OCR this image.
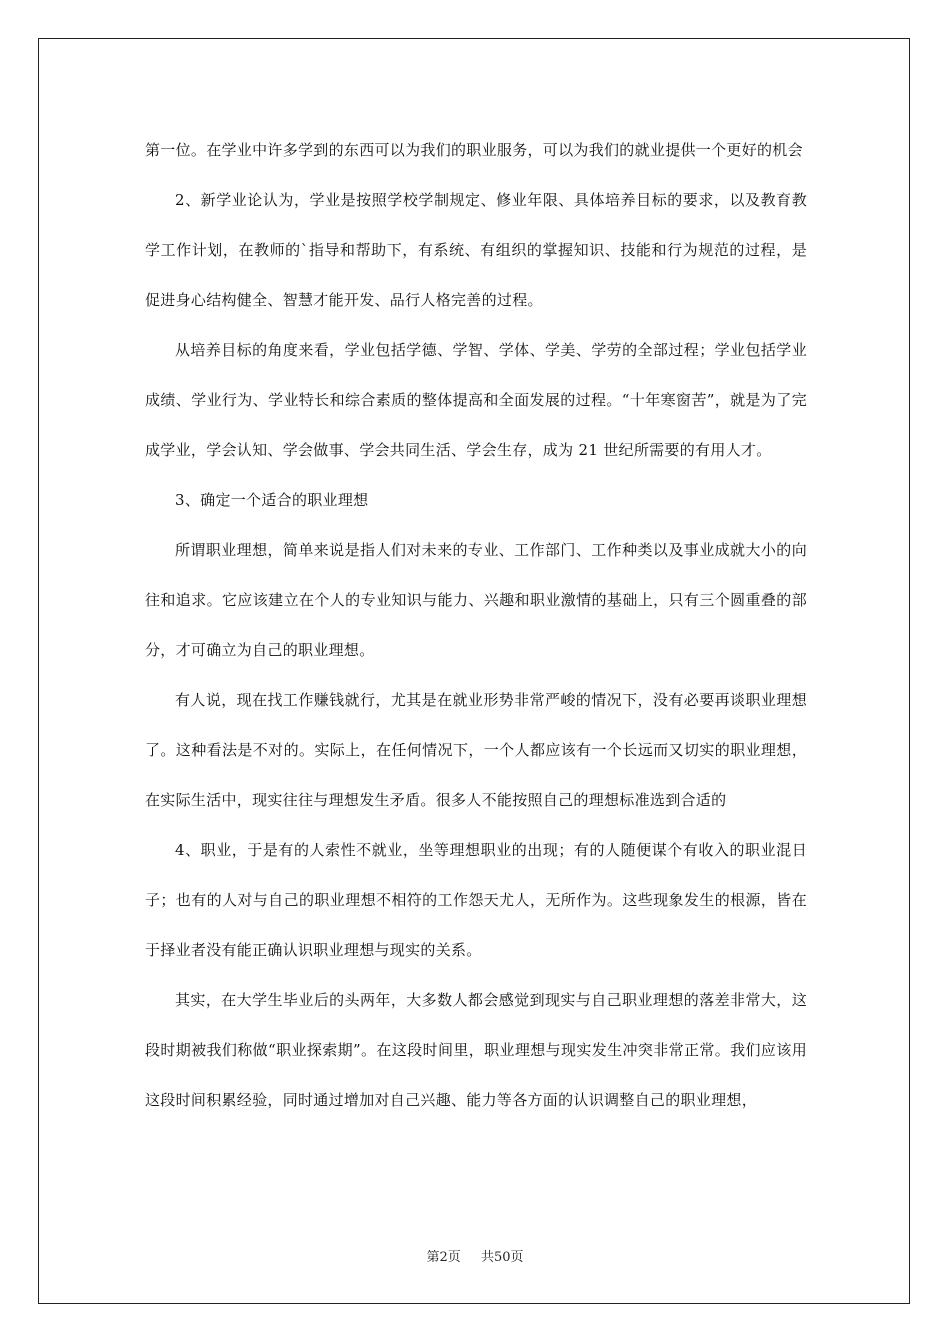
第一位。在学业中许多学到的东西可以为我们的职业服务，可以为我们的就业提供一个更好的机会

2、新学业论认为，学业是按照学校学制规定、修业年限、具体培养目标的要求，以及教育教学工作计划，在教师的`指导和帮助下，有系统、有组织的掌握知识、技能和行为规范的过程，是促进身心结构健全、智慧才能开发、品行人格完善的过程。

从培养目标的角度来看，学业包括学德、学智、学体、学美、学劳的全部过程；学业包括学业成绩、学业行为、学业特长和综合素质的整体提高和全面发展的过程。“十年寒窗苦”，就是为了完成学业，学会认知、学会做事、学会共同生活、学会生存，成为 21 世纪所需要的有用人才。

3、确定一个适合的职业理想

所谓职业理想，简单来说是指人们对未来的专业、工作部门、工作种类以及事业成就大小的向往和追求。它应该建立在个人的专业知识与能力、兴趣和职业激情的基础上，只有三个圆重叠的部分，才可确立为自己的职业理想。

有人说，现在找工作赚钱就行，尤其是在就业形势非常严峻的情况下，没有必要再谈职业理想了。这种看法是不对的。实际上，在任何情况下，一个人都应该有一个长远而又切实的职业理想，在实际生活中，现实往往与理想发生矛盾。很多人不能按照自己的理想标准选到合适的

4、职业，于是有的人索性不就业，坐等理想职业的出现；有的人随便谋个有收入的职业混日子；也有的人对与自己的职业理想不相符的工作怨天尤人，无所作为。这些现象发生的根源，皆在于择业者没有能正确认识职业理想与现实的关系。

其实，在大学生毕业后的头两年，大多数人都会感觉到现实与自己职业理想的落差非常大，这段时期被我们称做“职业探索期”。在这段时间里，职业理想与现实发生冲突非常正常。我们应该用这段时间积累经验，同时通过增加对自己兴趣、能力等各方面的认识调整自己的职业理想，

第2页 共50页
